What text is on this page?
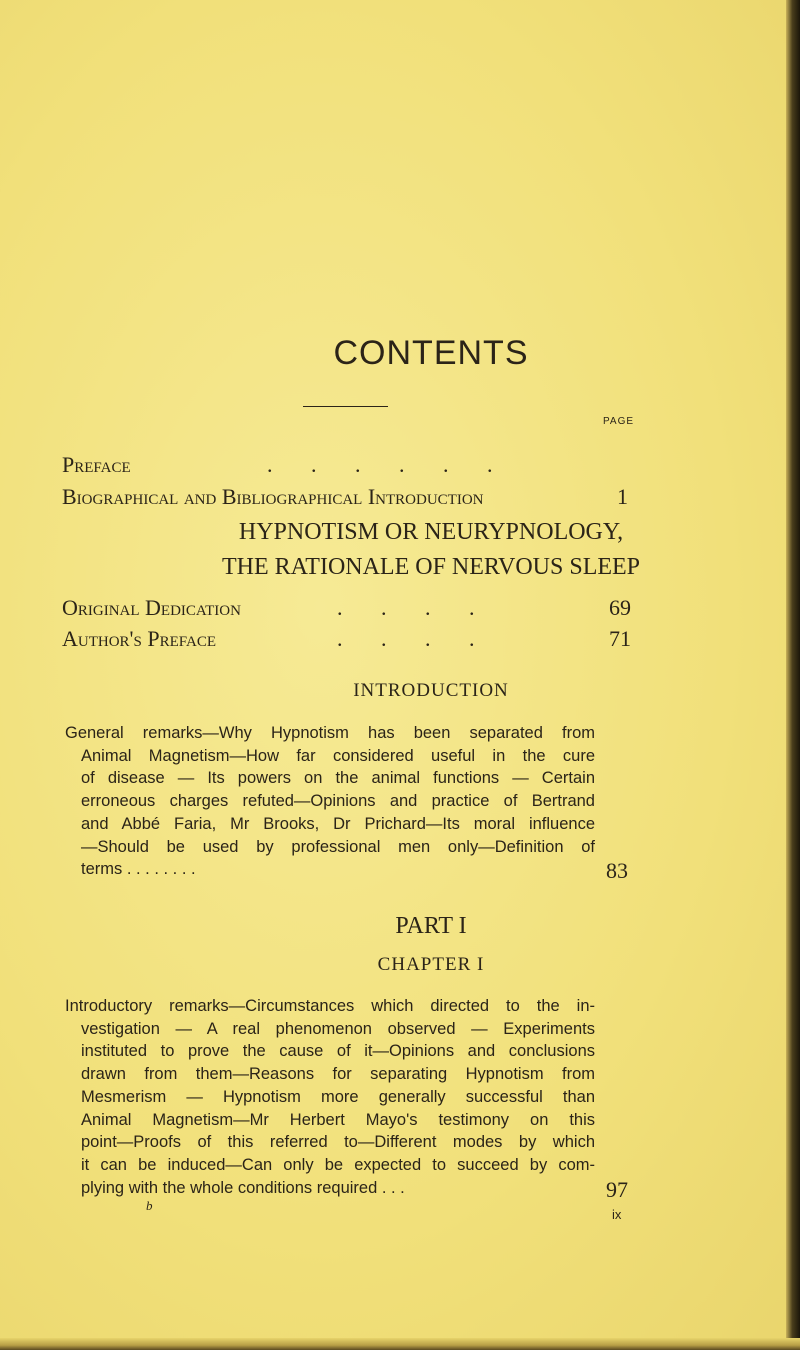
CONTENTS
PAGE
Preface	.       .       .       .       .       .
Biographical and Bibliographical Introduction	1
HYPNOTISM OR NEURYPNOLOGY,
THE RATIONALE OF NERVOUS SLEEP
Original Dedication	.       .       .       .	69
Author's Preface	.       .       .       .	71
INTRODUCTION
General remarks—Why Hypnotism has been separated from
Animal Magnetism—How far considered useful in the cure
of disease — Its powers on the animal functions — Certain
erroneous charges refuted—Opinions and practice of Bertrand
and Abbé Faria, Mr Brooks, Dr Prichard—Its moral influence
—Should be used by professional men only—Definition of
terms . . . . . . . .	83
PART I
CHAPTER I
Introductory remarks—Circumstances which directed to the in-
vestigation — A real phenomenon observed — Experiments
instituted to prove the cause of it—Opinions and conclusions
drawn from them—Reasons for separating Hypnotism from
Mesmerism — Hypnotism more generally successful than
Animal Magnetism—Mr Herbert Mayo's testimony on this
point—Proofs of this referred to—Different modes by which
it can be induced—Can only be expected to succeed by com-
plying with the whole conditions required . . .	97
b
ix
